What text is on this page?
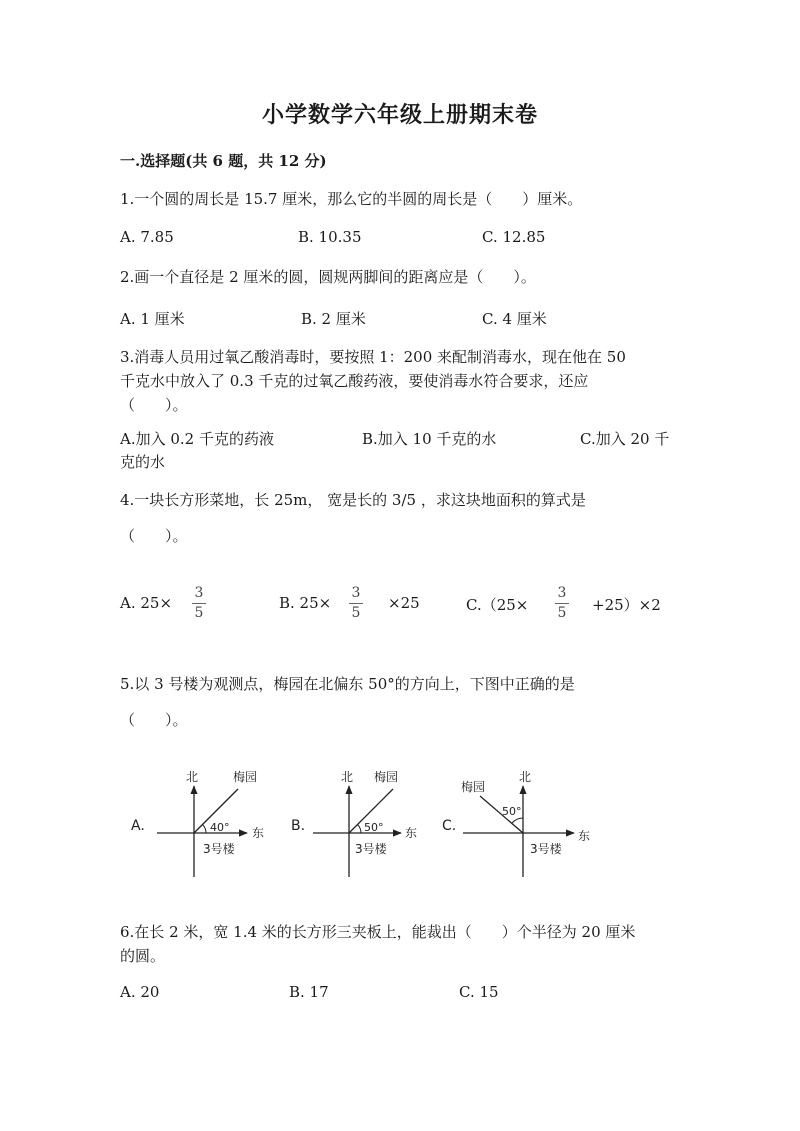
小学数学六年级上册期末卷
一.选择题(共 6 题，共 12 分)
1.一个圆的周长是 15.7 厘米，那么它的半圆的周长是（　　）厘米。
A. 7.85	B. 10.35	C. 12.85
2.画一个直径是 2 厘米的圆，圆规两脚间的距离应是（　　）。
A. 1 厘米	B. 2 厘米	C. 4 厘米
3.消毒人员用过氧乙酸消毒时，要按照 1：200 来配制消毒水，现在他在 50
千克水中放入了 0.3 千克的过氧乙酸药液，要使消毒水符合要求，还应
（　　）。
A.加入 0.2 千克的药液	B.加入 10 千克的水	C.加入 20 千
克的水
4.一块长方形菜地，长 25m， 宽是长的 3/5 ，求这块地面积的算式是
（　　）。
A. 25×
3
5
B. 25×
3
5
×25	C.（25×
3
5 +25）×2
5.以 3 号楼为观测点，梅园在北偏东 50°的方向上，下图中正确的是
（　　）。
A.
北	梅园
东
40°
3号楼
B.
北 梅园
东
50°
3号楼
C.
北
梅园
东
50°
3号楼
6.在长 2 米，宽 1.4 米的长方形三夹板上，能裁出（　　）个半径为 20 厘米
的圆。
A. 20	B. 17	C. 15
